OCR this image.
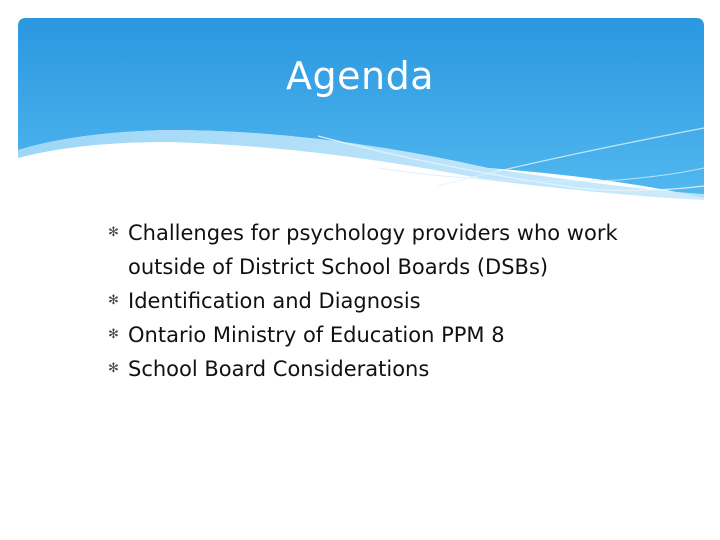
Agenda
✻ Challenges for psychology providers who work outside of District School Boards (DSBs)
✻ Identification and Diagnosis
✻ Ontario Ministry of Education PPM 8
✻ School Board Considerations
